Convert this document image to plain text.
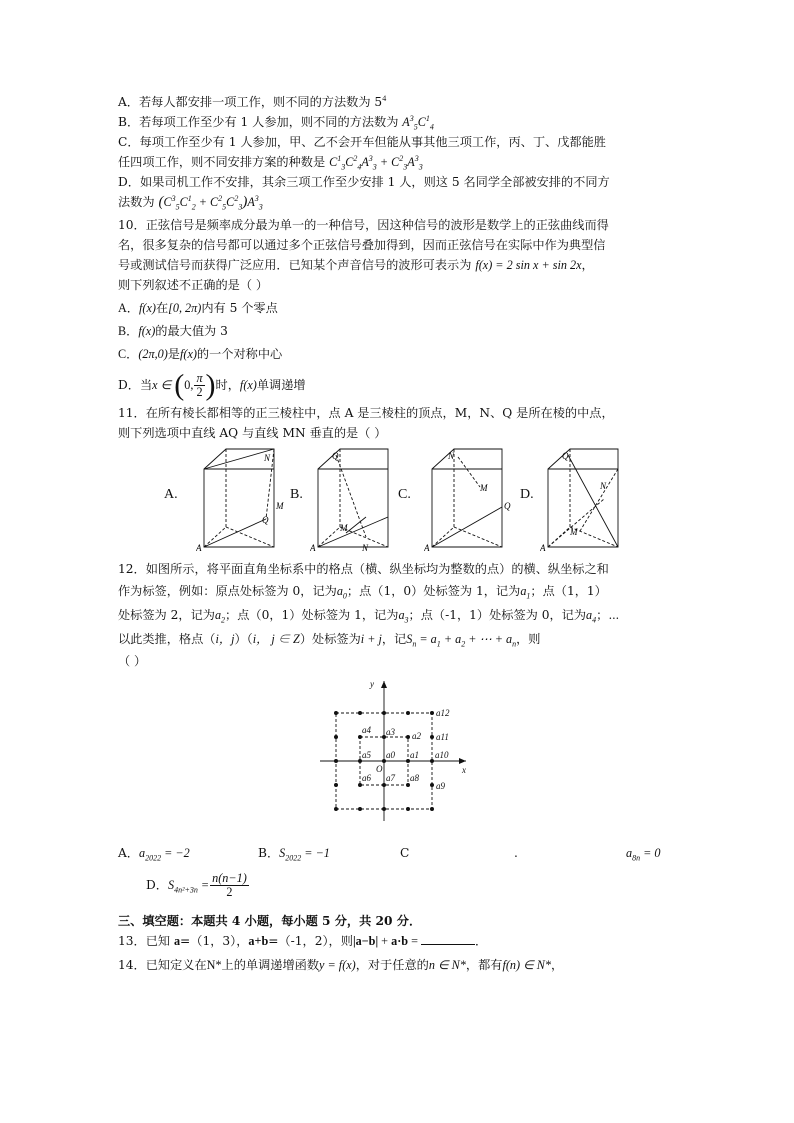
A．若每人都安排一项工作，则不同的方法数为 $5^4$
B．若每项工作至少有 1 人参加，则不同的方法数为 $A^3_5C^1_4$
C．每项工作至少有 1 人参加，甲、乙不会开车但能从事其他三项工作，丙、丁、戊都能胜
任四项工作，则不同安排方案的种数是 $C^1_3C^2_4A^3_3 + C^2_3A^3_3$
D．如果司机工作不安排，其余三项工作至少安排 1 人，则这 5 名同学全部被安排的不同方
法数为 $(C^3_5C^1_2 + C^2_5C^2_3)A^3_3$
10．正弦信号是频率成分最为单一的一种信号，因这种信号的波形是数学上的正弦曲线而得
名，很多复杂的信号都可以通过多个正弦信号叠加得到，因而正弦信号在实际中作为典型信
号或测试信号而获得广泛应用．已知某个声音信号的波形可表示为 f(x) = 2 sin x + sin 2x，
则下列叙述不正确的是（ ）
A．f(x)在[0, 2π)内有 5 个零点
B．f(x)的最大值为 3
C．(2π,0)是f(x)的一个对称中心
D．当x ∈ (0, $\frac{\pi}{2}$ )时，f(x)单调递增
11．在所有棱长都相等的正三棱柱中，点 A 是三棱柱的顶点，M，N、Q 是所在棱的中点，
则下列选项中直线 AQ 与直线 MN 垂直的是（ ）
A.
N
M
Q
A
B.
Q
M
N
A
C.
N
M
Q
A
D.
Q
N
M
A
12．如图所示，将平面直角坐标系中的格点（横、纵坐标均为整数的点）的横、纵坐标之和
作为标签，例如：原点处标签为 0，记为$a_0$；点（1，0）处标签为 1，记为$a_1$；点（1，1）
处标签为 2，记为$a_2$；点（0，1）处标签为 1，记为$a_3$；点（-1，1）处标签为 0，记为$a_4$；⋯
以此类推，格点（i，j）（i， j ∈ Z）处标签为i + j，记$S_n = a_1 + a_2$ + ⋯ + $a_n$，则
（ ）
y
x
O
a12
a4 a3 a2 a11
a5 a0 a1 a10
a6 a7 a8
a9
A．$a_{2022} = -2$	B．$S_{2022} = -1$	C	.	$a_{8n} = 0$
D．$S_{4n^2+3n} = \frac{n(n-1)}{2}$
三、填空题：本题共 4 小题，每小题 5 分，共 20 分．
13．已知 a=（1，3），a+b=（-1，2），则|a−b| + a·b =	．
14．已知定义在N*上的单调递增函数y = f(x)，对于任意的n ∈ N*，都有f(n) ∈ N*，
